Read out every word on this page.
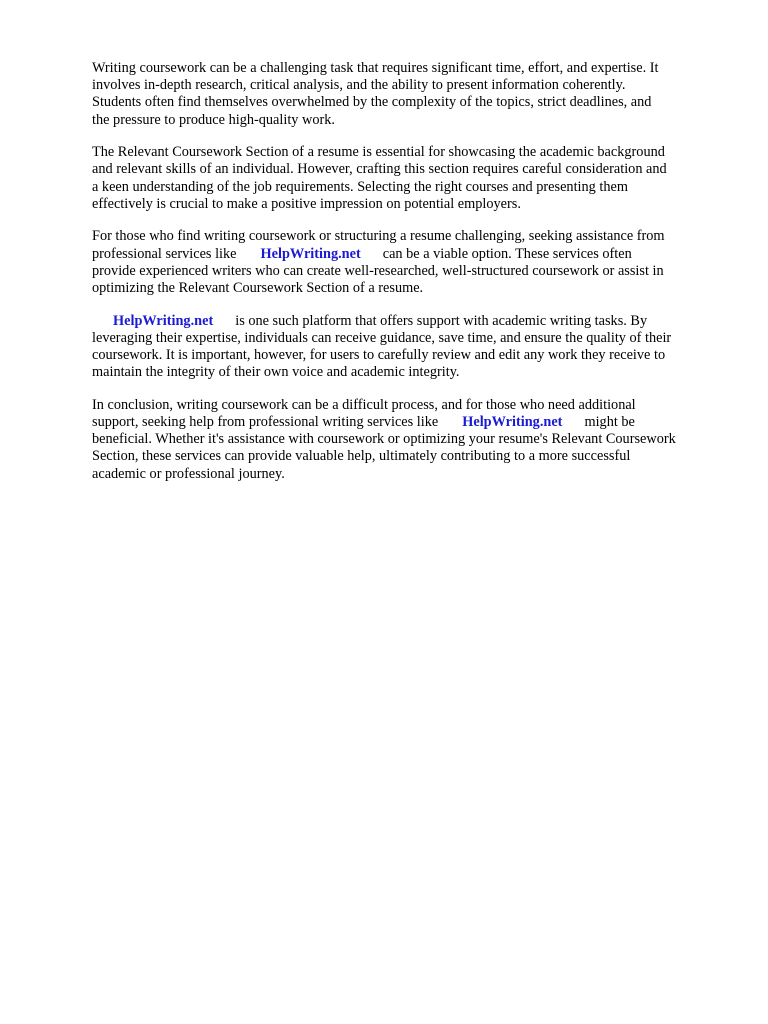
Writing coursework can be a challenging task that requires significant time, effort, and expertise. It
involves in-depth research, critical analysis, and the ability to present information coherently.
Students often find themselves overwhelmed by the complexity of the topics, strict deadlines, and
the pressure to produce high-quality work.

The Relevant Coursework Section of a resume is essential for showcasing the academic background
and relevant skills of an individual. However, crafting this section requires careful consideration and
a keen understanding of the job requirements. Selecting the right courses and presenting them
effectively is crucial to make a positive impression on potential employers.

For those who find writing coursework or structuring a resume challenging, seeking assistance from
professional services like HelpWriting.net can be a viable option. These services often
provide experienced writers who can create well-researched, well-structured coursework or assist in
optimizing the Relevant Coursework Section of a resume.

HelpWriting.net is one such platform that offers support with academic writing tasks. By
leveraging their expertise, individuals can receive guidance, save time, and ensure the quality of their
coursework. It is important, however, for users to carefully review and edit any work they receive to
maintain the integrity of their own voice and academic integrity.

In conclusion, writing coursework can be a difficult process, and for those who need additional
support, seeking help from professional writing services like HelpWriting.net might be
beneficial. Whether it's assistance with coursework or optimizing your resume's Relevant Coursework
Section, these services can provide valuable help, ultimately contributing to a more successful
academic or professional journey.
